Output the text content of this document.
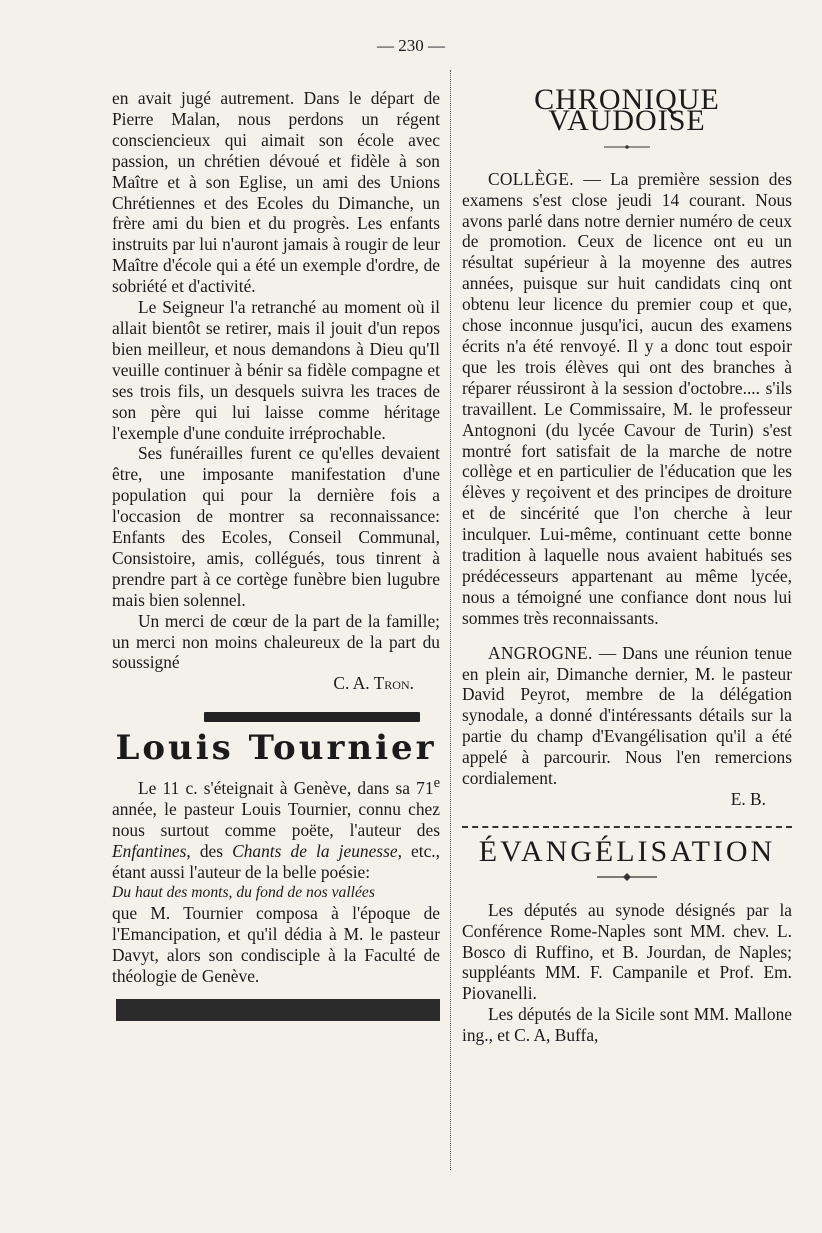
— 230 —

en avait jugé autrement. Dans le départ de Pierre Malan, nous perdons un régent consciencieux qui aimait son école avec passion, un chrétien dévoué et fidèle à son Maître et à son Eglise, un ami des Unions Chrétiennes et des Ecoles du Dimanche, un frère ami du bien et du progrès. Les enfants instruits par lui n'auront jamais à rougir de leur Maître d'école qui a été un exemple d'ordre, de sobriété et d'activité.

Le Seigneur l'a retranché au moment où il allait bientôt se retirer, mais il jouit d'un repos bien meilleur, et nous demandons à Dieu qu'Il veuille continuer à bénir sa fidèle compagne et ses trois fils, un desquels suivra les traces de son père qui lui laisse comme héritage l'exemple d'une conduite irréprochable.

Ses funérailles furent ce qu'elles devaient être, une imposante manifestation d'une population qui pour la dernière fois a l'occasion de montrer sa reconnaissance: Enfants des Ecoles, Conseil Communal, Consistoire, amis, collégués, tous tinrent à prendre part à ce cortège funèbre bien lugubre mais bien solennel.

Un merci de cœur de la part de la famille; un merci non moins chaleureux de la part du soussigné

C. A. Tron.

Louis Tournier

Le 11 c. s'éteignait à Genève, dans sa 71e année, le pasteur Louis Tournier, connu chez nous surtout comme poëte, l'auteur des Enfantines, des Chants de la jeunesse, etc., étant aussi l'auteur de la belle poésie:

Du haut des monts, du fond de nos vallées

que M. Tournier composa à l'époque de l'Emancipation, et qu'il dédia à M. le pasteur Davyt, alors son condisciple à la Faculté de théologie de Genève.

CHRONIQUE VAUDOISE

COLLÈGE. — La première session des examens s'est close jeudi 14 courant. Nous avons parlé dans notre dernier numéro de ceux de promotion. Ceux de licence ont eu un résultat supérieur à la moyenne des autres années, puisque sur huit candidats cinq ont obtenu leur licence du premier coup et que, chose inconnue jusqu'ici, aucun des examens écrits n'a été renvoyé. Il y a donc tout espoir que les trois élèves qui ont des branches à réparer réussiront à la session d'octobre.... s'ils travaillent. Le Commissaire, M. le professeur Antognoni (du lycée Cavour de Turin) s'est montré fort satisfait de la marche de notre collège et en particulier de l'éducation que les élèves y reçoivent et des principes de droiture et de sincérité que l'on cherche à leur inculquer. Lui-même, continuant cette bonne tradition à laquelle nous avaient habitués ses prédécesseurs appartenant au même lycée, nous a témoigné une confiance dont nous lui sommes très reconnaissants.

ANGROGNE. — Dans une réunion tenue en plein air, Dimanche dernier, M. le pasteur David Peyrot, membre de la délégation synodale, a donné d'intéressants détails sur la partie du champ d'Evangélisation qu'il a été appelé à parcourir. Nous l'en remercions cordialement.

E. B.

ÉVANGÉLISATION

Les députés au synode désignés par la Conférence Rome-Naples sont MM. chev. L. Bosco di Ruffino, et B. Jourdan, de Naples; suppléants MM. F. Campanile et Prof. Em. Piovanelli.

Les députés de la Sicile sont MM. Mallone ing., et C. A, Buffa,
